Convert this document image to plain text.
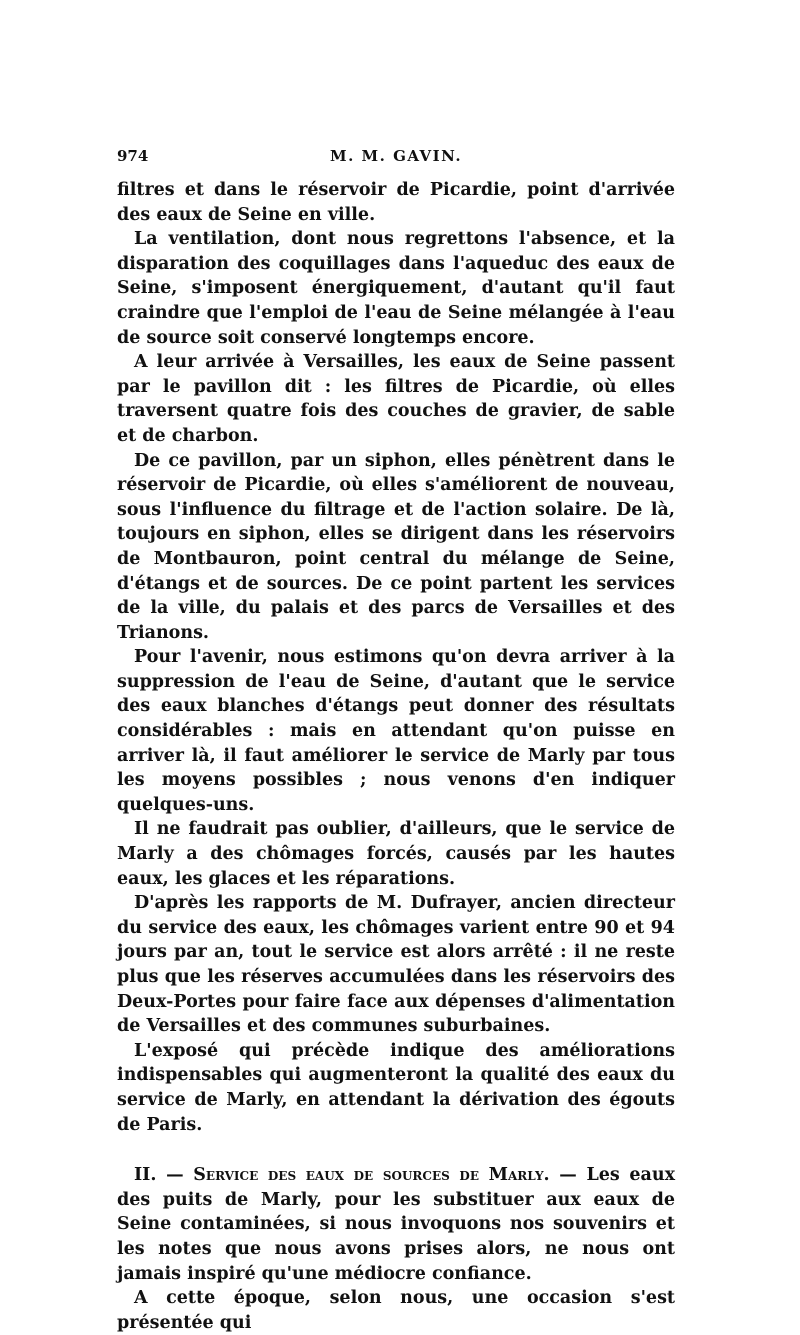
974	M. M. GAVIN.

filtres et dans le réservoir de Picardie, point d'arrivée des eaux de Seine en ville.

La ventilation, dont nous regrettons l'absence, et la disparation des coquillages dans l'aqueduc des eaux de Seine, s'imposent énergiquement, d'autant qu'il faut craindre que l'emploi de l'eau de Seine mélangée à l'eau de source soit conservé longtemps encore.

A leur arrivée à Versailles, les eaux de Seine passent par le pavillon dit : les filtres de Picardie, où elles traversent quatre fois des couches de gravier, de sable et de charbon.

De ce pavillon, par un siphon, elles pénètrent dans le réservoir de Picardie, où elles s'améliorent de nouveau, sous l'influence du filtrage et de l'action solaire. De là, toujours en siphon, elles se dirigent dans les réservoirs de Montbauron, point central du mélange de Seine, d'étangs et de sources. De ce point partent les services de la ville, du palais et des parcs de Versailles et des Trianons.

Pour l'avenir, nous estimons qu'on devra arriver à la suppression de l'eau de Seine, d'autant que le service des eaux blanches d'étangs peut donner des résultats considérables : mais en attendant qu'on puisse en arriver là, il faut améliorer le service de Marly par tous les moyens possibles ; nous venons d'en indiquer quelques-uns.

Il ne faudrait pas oublier, d'ailleurs, que le service de Marly a des chômages forcés, causés par les hautes eaux, les glaces et les réparations.

D'après les rapports de M. Dufrayer, ancien directeur du service des eaux, les chômages varient entre 90 et 94 jours par an, tout le service est alors arrêté : il ne reste plus que les réserves accumulées dans les réservoirs des Deux-Portes pour faire face aux dépenses d'alimentation de Versailles et des communes suburbaines.

L'exposé qui précède indique des améliorations indispensables qui augmenteront la qualité des eaux du service de Marly, en attendant la dérivation des égouts de Paris.

II. — Service des eaux de sources de Marly. — Les eaux des puits de Marly, pour les substituer aux eaux de Seine contaminées, si nous invoquons nos souvenirs et les notes que nous avons prises alors, ne nous ont jamais inspiré qu'une médiocre confiance.

A cette époque, selon nous, une occasion s'est présentée qui
